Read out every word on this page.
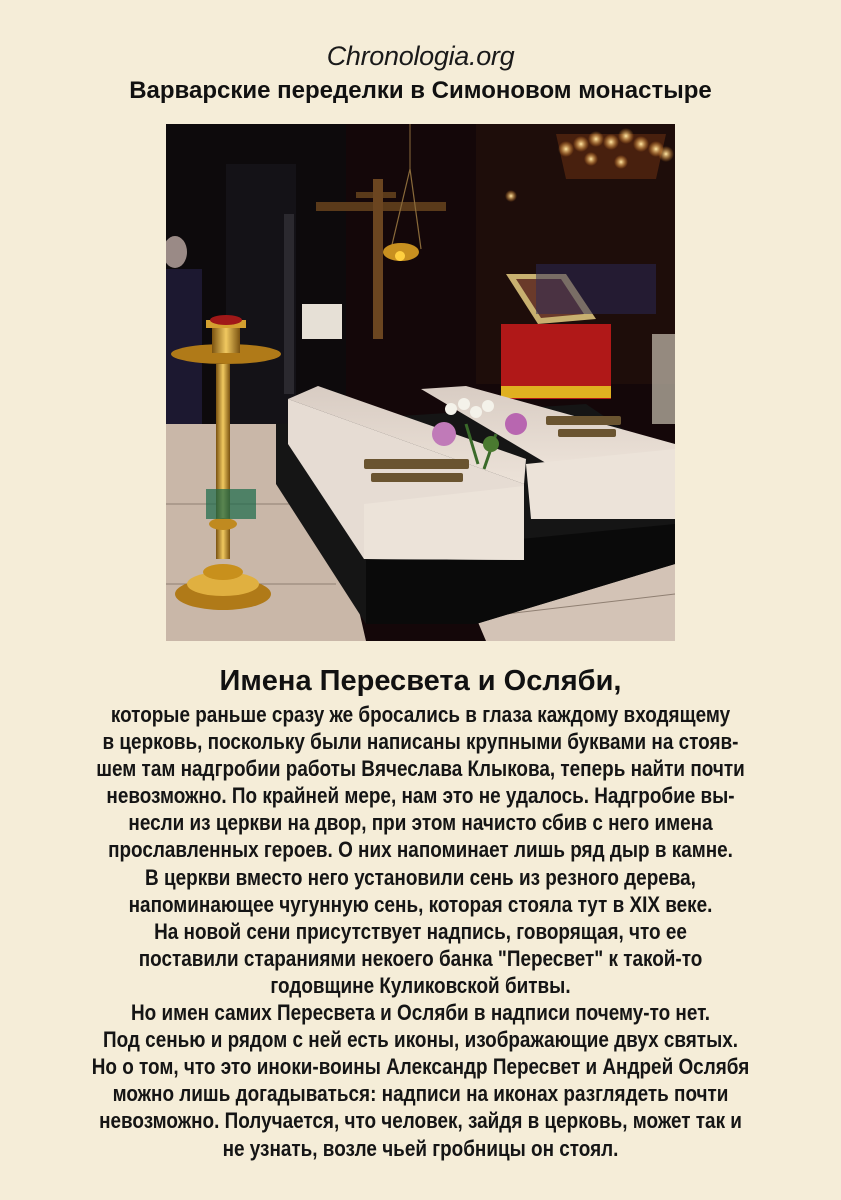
Chronologia.org
Варварские переделки в Симоновом монастыре
Имена Пересвета и Осляби,
которые раньше сразу же бросались в глаза каждому входящему
в церковь, поскольку были написаны крупными буквами на стояв-
шем там надгробии работы Вячеслава Клыкова, теперь найти почти
невозможно. По крайней мере, нам это не удалось. Надгробие вы-
несли из церкви на двор, при этом начисто сбив с него имена
прославленных героев. О них напоминает лишь ряд дыр в камне.
В церкви вместо него установили сень из резного дерева,
напоминающее чугунную сень, которая стояла тут в XIX веке.
На новой сени присутствует надпись, говорящая, что ее
поставили стараниями некоего банка "Пересвет" к такой-то
годовщине Куликовской битвы.
Но имен самих Пересвета и Осляби в надписи почему-то нет.
Под сенью и рядом с ней есть иконы, изображающие двух святых.
Но о том, что это иноки-воины Александр Пересвет и Андрей Ослябя
можно лишь догадываться: надписи на иконах разглядеть почти
невозможно. Получается, что человек, зайдя в церковь, может так и
не узнать, возле чьей гробницы он стоял.
